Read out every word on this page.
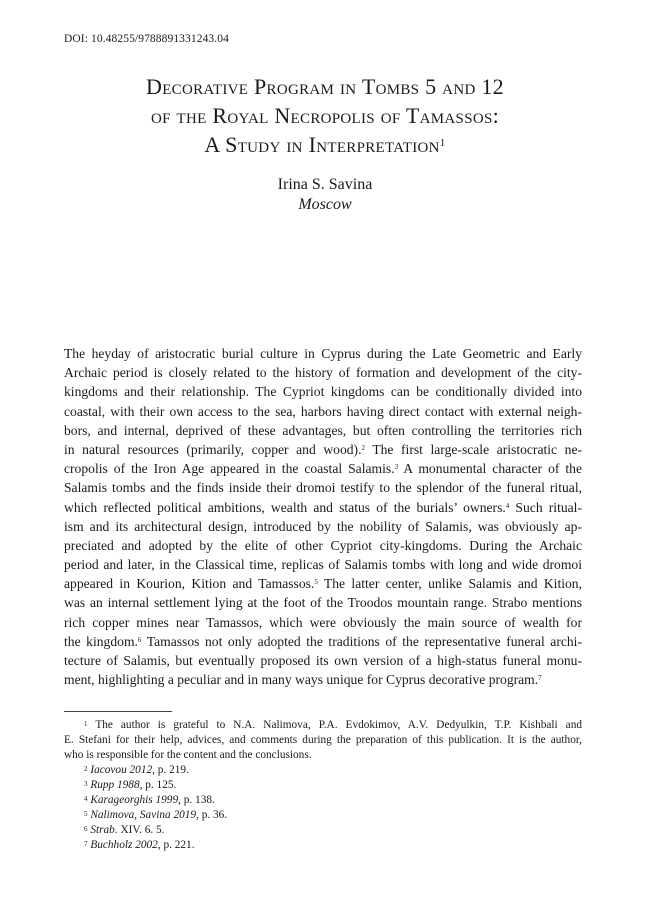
DOI: 10.48255/9788891331243.04
Decorative Program in Tombs 5 and 12
of the Royal Necropolis of Tamassos:
A Study in Interpretation$^1$
Irina S. Savina
Moscow
The heyday of aristocratic burial culture in Cyprus during the Late Geometric and Early
Archaic period is closely related to the history of formation and development of the city-
kingdoms and their relationship. The Cypriot kingdoms can be conditionally divided into
coastal, with their own access to the sea, harbors having direct contact with external neigh-
bors, and internal, deprived of these advantages, but often controlling the territories rich
in natural resources (primarily, copper and wood).$^2$ The first large-scale aristocratic ne-
cropolis of the Iron Age appeared in the coastal Salamis.$^3$ A monumental character of the
Salamis tombs and the finds inside their dromoi testify to the splendor of the funeral ritual,
which reflected political ambitions, wealth and status of the burials’ owners.$^4$ Such ritual-
ism and its architectural design, introduced by the nobility of Salamis, was obviously ap-
preciated and adopted by the elite of other Cypriot city-kingdoms. During the Archaic
period and later, in the Classical time, replicas of Salamis tombs with long and wide dromoi
appeared in Kourion, Kition and Tamassos.$^5$ The latter center, unlike Salamis and Kition,
was an internal settlement lying at the foot of the Troodos mountain range. Strabo mentions
rich copper mines near Tamassos, which were obviously the main source of wealth for
the kingdom.$^6$ Tamassos not only adopted the traditions of the representative funeral archi-
tecture of Salamis, but eventually proposed its own version of a high-status funeral monu-
ment, highlighting a peculiar and in many ways unique for Cyprus decorative program.$^7$
$^1$ The author is grateful to N.A. Nalimova, P.A. Evdokimov, A.V. Dedyulkin, T.P. Kishbali and
E. Stefani for their help, advices, and comments during the preparation of this publication. It is the author,
who is responsible for the content and the conclusions.
$^2$ Iacovou 2012, p. 219.
$^3$ Rupp 1988, p. 125.
$^4$ Karageorghis 1999, p. 138.
$^5$ Nalimova, Savina 2019, p. 36.
$^6$ Strab. XIV. 6. 5.
$^7$ Buchholz 2002, p. 221.
